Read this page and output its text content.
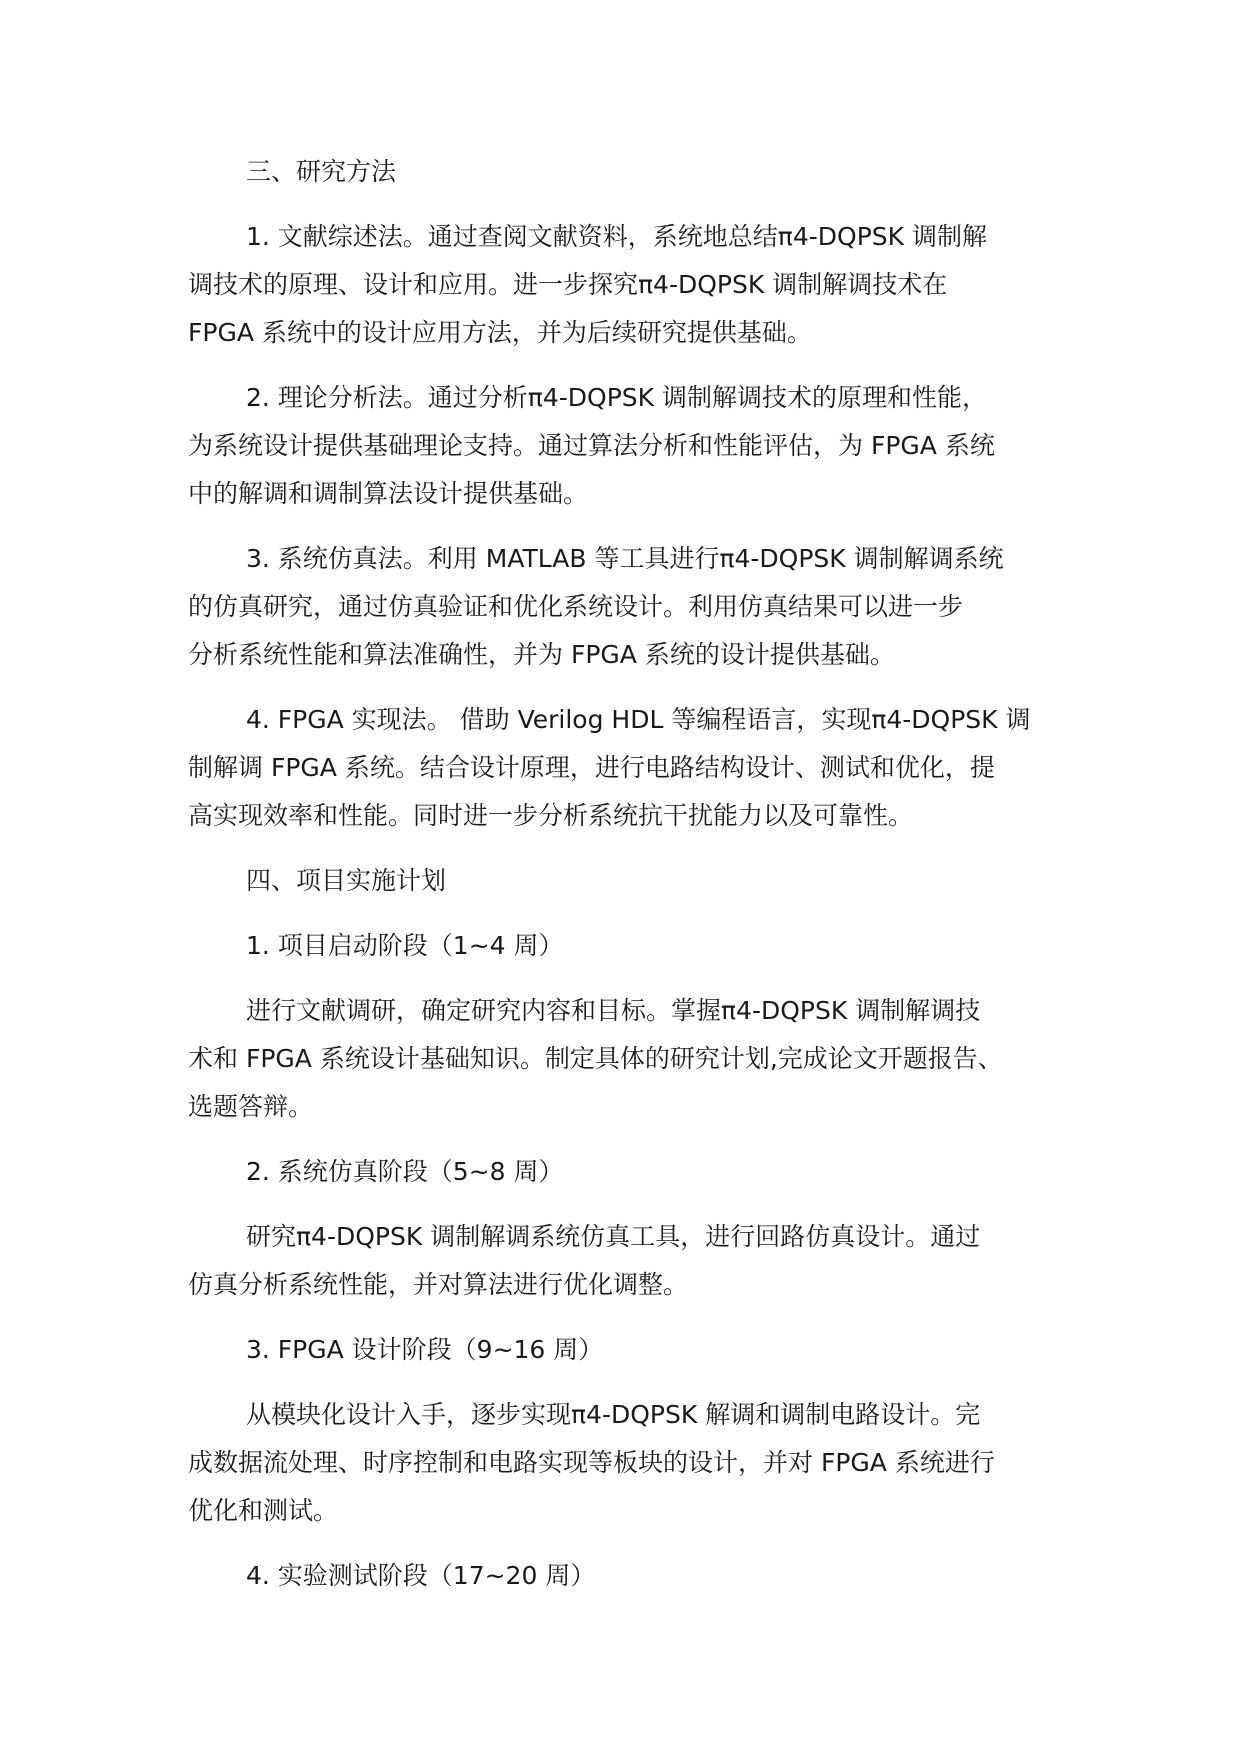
三、研究方法
1. 文献综述法。通过查阅文献资料，系统地总结π4-DQPSK 调制解
调技术的原理、设计和应用。进一步探究π4-DQPSK 调制解调技术在
FPGA 系统中的设计应用方法，并为后续研究提供基础。
2. 理论分析法。通过分析π4-DQPSK 调制解调技术的原理和性能，
为系统设计提供基础理论支持。通过算法分析和性能评估，为 FPGA 系统
中的解调和调制算法设计提供基础。
3. 系统仿真法。利用 MATLAB 等工具进行π4-DQPSK 调制解调系统
的仿真研究，通过仿真验证和优化系统设计。利用仿真结果可以进一步
分析系统性能和算法准确性，并为 FPGA 系统的设计提供基础。
4. FPGA 实现法。 借助 Verilog HDL 等编程语言，实现π4-DQPSK 调
制解调 FPGA 系统。结合设计原理，进行电路结构设计、测试和优化，提
高实现效率和性能。同时进一步分析系统抗干扰能力以及可靠性。
四、项目实施计划
1. 项目启动阶段（1~4 周）
进行文献调研，确定研究内容和目标。掌握π4-DQPSK 调制解调技
术和 FPGA 系统设计基础知识。制定具体的研究计划,完成论文开题报告、
选题答辩。
2. 系统仿真阶段（5~8 周）
研究π4-DQPSK 调制解调系统仿真工具，进行回路仿真设计。通过
仿真分析系统性能，并对算法进行优化调整。
3. FPGA 设计阶段（9~16 周）
从模块化设计入手，逐步实现π4-DQPSK 解调和调制电路设计。完
成数据流处理、时序控制和电路实现等板块的设计，并对 FPGA 系统进行
优化和测试。
4. 实验测试阶段（17~20 周）
